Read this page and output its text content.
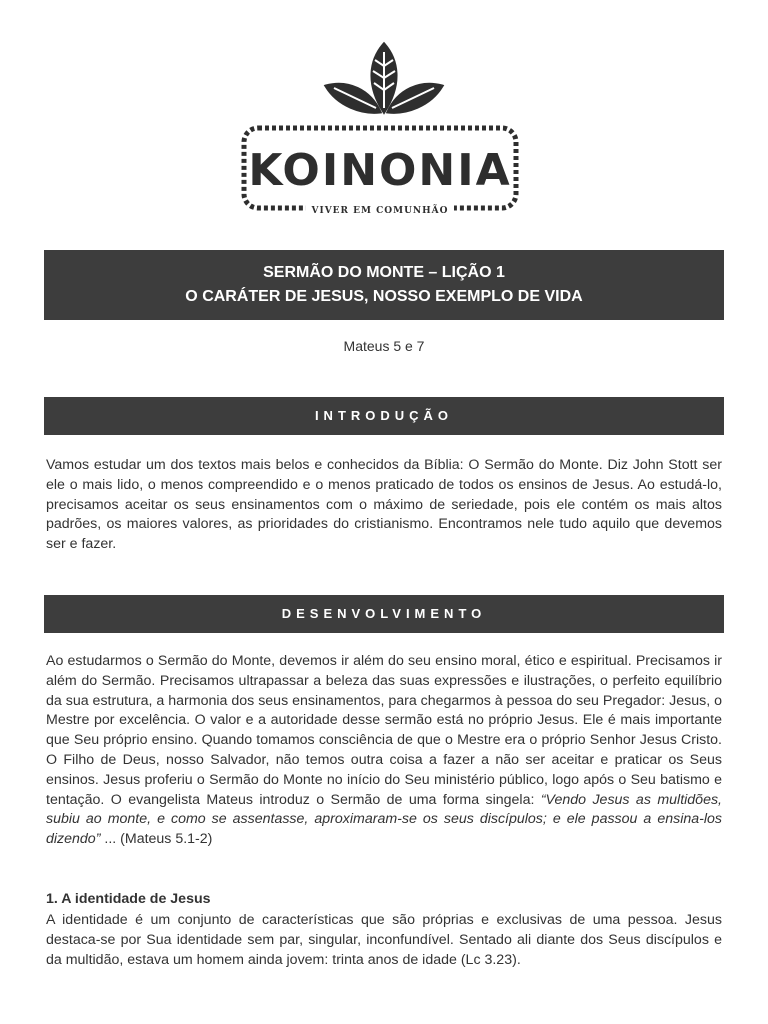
KOINONIA
VIVER EM COMUNHÃO
SERMÃO DO MONTE – LIÇÃO 1
O CARÁTER DE JESUS, NOSSO EXEMPLO DE VIDA
Mateus 5 e 7
INTRODUÇÃO

Vamos estudar um dos textos mais belos e conhecidos da Bíblia: O Sermão do Monte. Diz John Stott ser ele o mais lido, o menos compreendido e o menos praticado de todos os ensinos de Jesus. Ao estudá-lo, precisamos aceitar os seus ensinamentos com o máximo de seriedade, pois ele contém os mais altos padrões, os maiores valores, as prioridades do cristianismo. Encontramos nele tudo aquilo que devemos ser e fazer.

DESENVOLVIMENTO

Ao estudarmos o Sermão do Monte, devemos ir além do seu ensino moral, ético e espiritual. Precisamos ir além do Sermão. Precisamos ultrapassar a beleza das suas expressões e ilustrações, o perfeito equilíbrio da sua estrutura, a harmonia dos seus ensinamentos, para chegarmos à pessoa do seu Pregador: Jesus, o Mestre por excelência. O valor e a autoridade desse sermão está no próprio Jesus. Ele é mais importante que Seu próprio ensino. Quando tomamos consciência de que o Mestre era o próprio Senhor Jesus Cristo. O Filho de Deus, nosso Salvador, não temos outra coisa a fazer a não ser aceitar e praticar os Seus ensinos. Jesus proferiu o Sermão do Monte no início do Seu ministério público, logo após o Seu batismo e tentação. O evangelista Mateus introduz o Sermão de uma forma singela: “Vendo Jesus as multidões, subiu ao monte, e como se assentasse, aproximaram-se os seus discípulos; e ele passou a ensina-los dizendo” ... (Mateus 5.1-2)

1. A identidade de Jesus

A identidade é um conjunto de características que são próprias e exclusivas de uma pessoa. Jesus destaca-se por Sua identidade sem par, singular, inconfundível. Sentado ali diante dos Seus discípulos e da multidão, estava um homem ainda jovem: trinta anos de idade (Lc 3.23).
